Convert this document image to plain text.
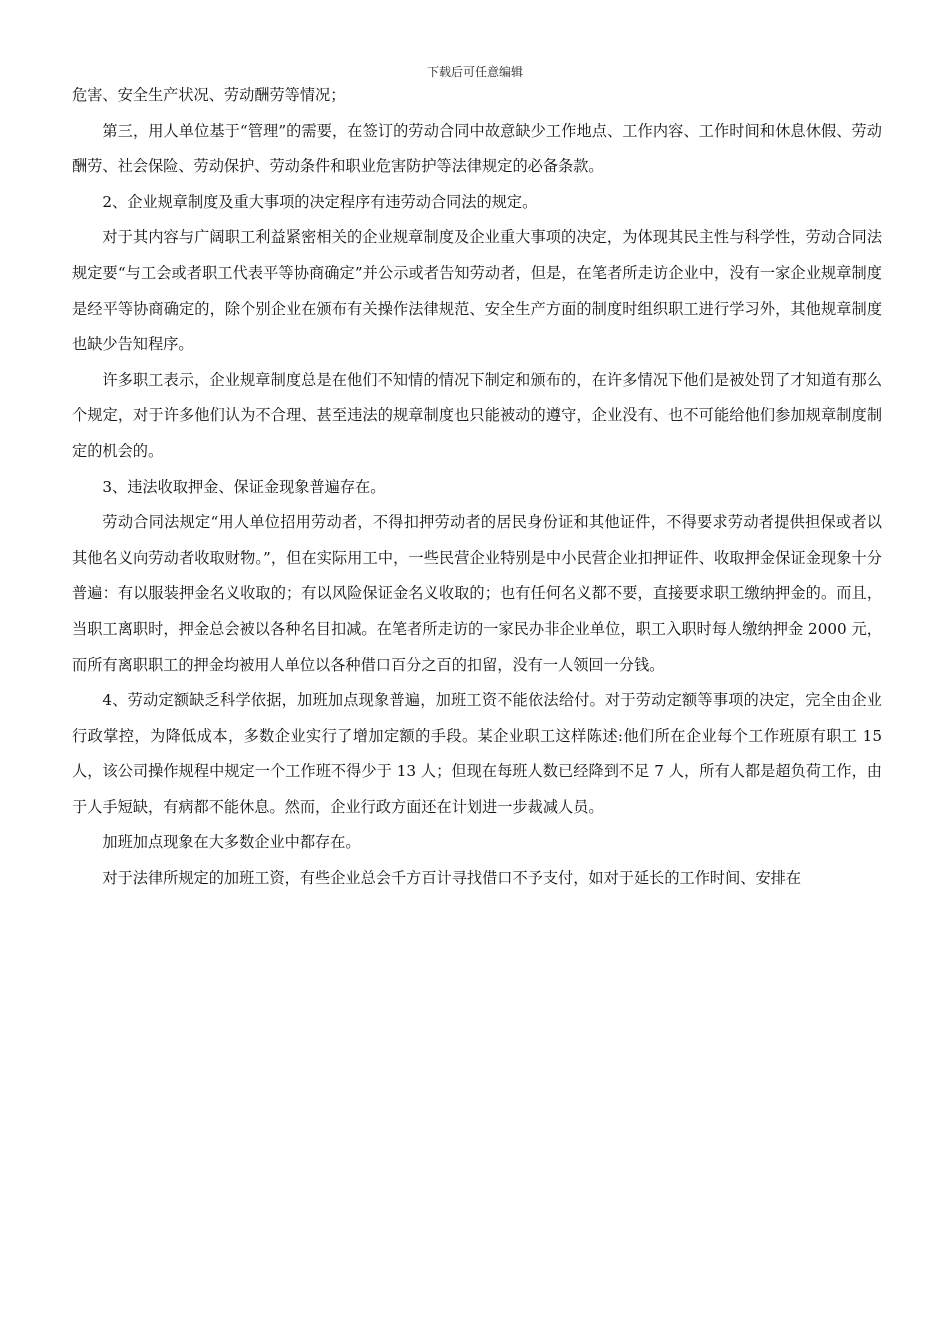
下载后可任意编辑

危害、安全生产状况、劳动酬劳等情况；

第三，用人单位基于“管理”的需要，在签订的劳动合同中故意缺少工作地点、工作内容、工作时间和休息休假、劳动酬劳、社会保险、劳动保护、劳动条件和职业危害防护等法律规定的必备条款。

2、企业规章制度及重大事项的决定程序有违劳动合同法的规定。

对于其内容与广阔职工利益紧密相关的企业规章制度及企业重大事项的决定，为体现其民主性与科学性，劳动合同法规定要“与工会或者职工代表平等协商确定”并公示或者告知劳动者，但是，在笔者所走访企业中，没有一家企业规章制度是经平等协商确定的，除个别企业在颁布有关操作法律规范、安全生产方面的制度时组织职工进行学习外，其他规章制度也缺少告知程序。

许多职工表示，企业规章制度总是在他们不知情的情况下制定和颁布的，在许多情况下他们是被处罚了才知道有那么个规定，对于许多他们认为不合理、甚至违法的规章制度也只能被动的遵守，企业没有、也不可能给他们参加规章制度制定的机会的。

3、违法收取押金、保证金现象普遍存在。

劳动合同法规定“用人单位招用劳动者，不得扣押劳动者的居民身份证和其他证件，不得要求劳动者提供担保或者以其他名义向劳动者收取财物。”，但在实际用工中，一些民营企业特别是中小民营企业扣押证件、收取押金保证金现象十分普遍：有以服装押金名义收取的；有以风险保证金名义收取的；也有任何名义都不要，直接要求职工缴纳押金的。而且，当职工离职时，押金总会被以各种名目扣减。在笔者所走访的一家民办非企业单位，职工入职时每人缴纳押金 2000 元，而所有离职职工的押金均被用人单位以各种借口百分之百的扣留，没有一人领回一分钱。

4、劳动定额缺乏科学依据，加班加点现象普遍，加班工资不能依法给付。对于劳动定额等事项的决定，完全由企业行政掌控，为降低成本，多数企业实行了增加定额的手段。某企业职工这样陈述:他们所在企业每个工作班原有职工 15 人，该公司操作规程中规定一个工作班不得少于 13 人；但现在每班人数已经降到不足 7 人，所有人都是超负荷工作，由于人手短缺，有病都不能休息。然而，企业行政方面还在计划进一步裁减人员。

加班加点现象在大多数企业中都存在。

对于法律所规定的加班工资，有些企业总会千方百计寻找借口不予支付，如对于延长的工作时间、安排在
